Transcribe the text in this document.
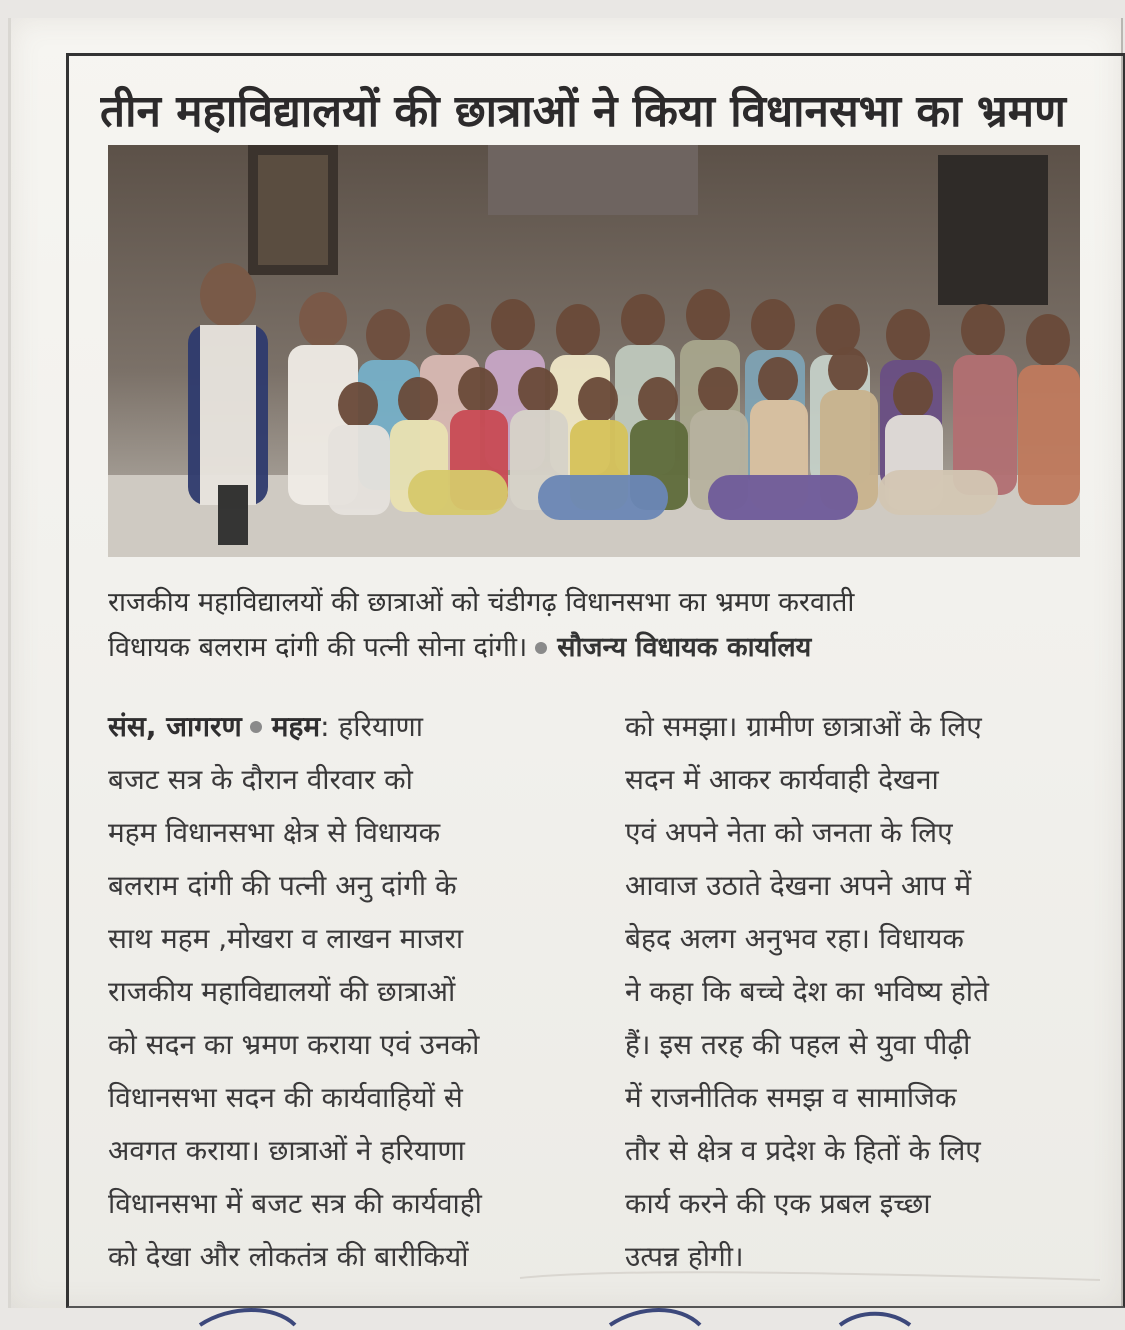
तीन महाविद्यालयों की छात्राओं ने किया विधानसभा का भ्रमण

राजकीय महाविद्यालयों की छात्राओं को चंडीगढ़ विधानसभा का भ्रमण करवाती
विधायक बलराम दांगी की पत्नी सोना दांगी। सौजन्य विधायक कार्यालय

संस, जागरण महम: हरियाणा
बजट सत्र के दौरान वीरवार को
महम विधानसभा क्षेत्र से विधायक
बलराम दांगी की पत्नी अनु दांगी के
साथ महम ,मोखरा व लाखन माजरा
राजकीय महाविद्यालयों की छात्राओं
को सदन का भ्रमण कराया एवं उनको
विधानसभा सदन की कार्यवाहियों से
अवगत कराया। छात्राओं ने हरियाणा
विधानसभा में बजट सत्र की कार्यवाही
को देखा और लोकतंत्र की बारीकियों
को समझा। ग्रामीण छात्राओं के लिए
सदन में आकर कार्यवाही देखना
एवं अपने नेता को जनता के लिए
आवाज उठाते देखना अपने आप में
बेहद अलग अनुभव रहा। विधायक
ने कहा कि बच्चे देश का भविष्य होते
हैं। इस तरह की पहल से युवा पीढ़ी
में राजनीतिक समझ व सामाजिक
तौर से क्षेत्र व प्रदेश के हितों के लिए
कार्य करने की एक प्रबल इच्छा
उत्पन्न होगी।
